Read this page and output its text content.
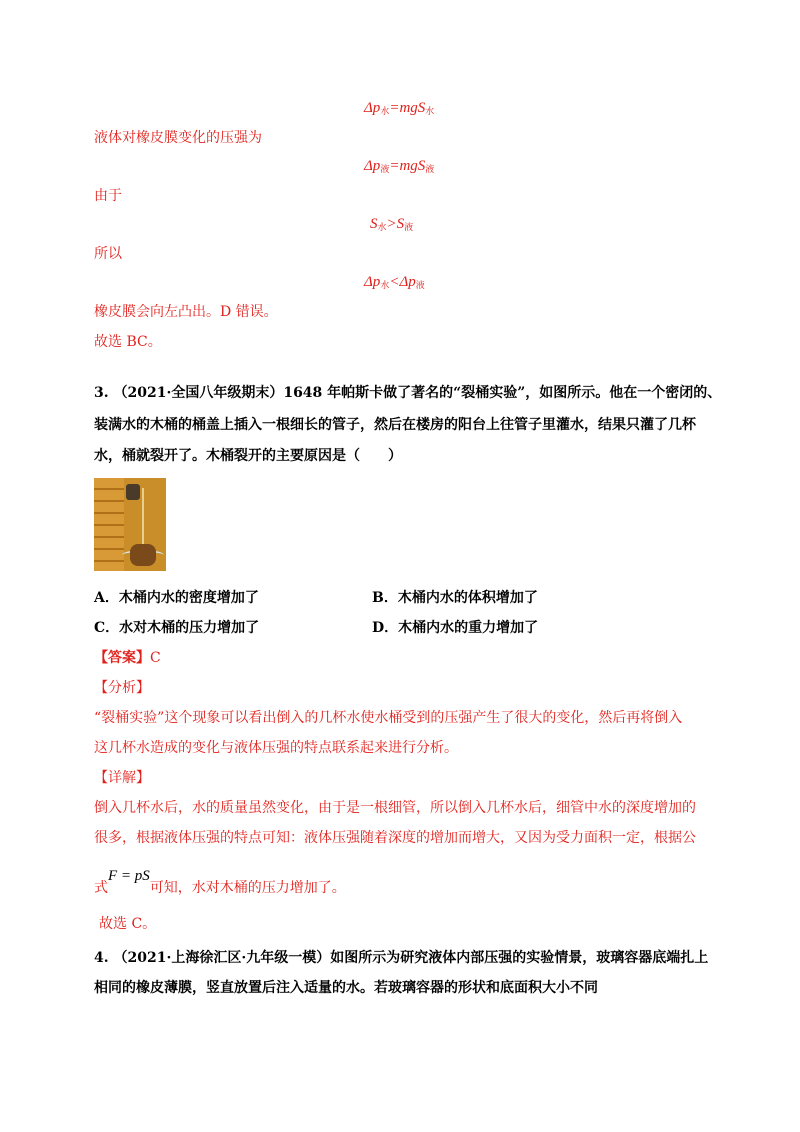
$\Delta p_水=mgS_水$
液体对橡皮膜变化的压强为
$\Delta p_液=mgS_液$
由于
$S_水>S_液$
所以
$\Delta p_水<\Delta p_液$
橡皮膜会向左凸出。D 错误。
故选 BC。
3. （2021·全国八年级期末）1648 年帕斯卡做了著名的“裂桶实验”，如图所示。他在一个密闭的、
装满水的木桶的桶盖上插入一根细长的管子，然后在楼房的阳台上往管子里灌水，结果只灌了几杯
水，桶就裂开了。木桶裂开的主要原因是（　　）
A．木桶内水的密度增加了	B．木桶内水的体积增加了
C．水对木桶的压力增加了	D．木桶内水的重力增加了
【答案】C
【分析】
“裂桶实验”这个现象可以看出倒入的几杯水使水桶受到的压强产生了很大的变化，然后再将倒入
这几杯水造成的变化与液体压强的特点联系起来进行分析。
【详解】
倒入几杯水后，水的质量虽然变化，由于是一根细管，所以倒入几杯水后，细管中水的深度增加的
很多，根据液体压强的特点可知：液体压强随着深度的增加而增大，又因为受力面积一定，根据公
式F = pS可知，水对木桶的压力增加了。
故选 C。
4. （2021·上海徐汇区·九年级一模）如图所示为研究液体内部压强的实验情景，玻璃容器底端扎上
相同的橡皮薄膜，竖直放置后注入适量的水。若玻璃容器的形状和底面积大小不同
